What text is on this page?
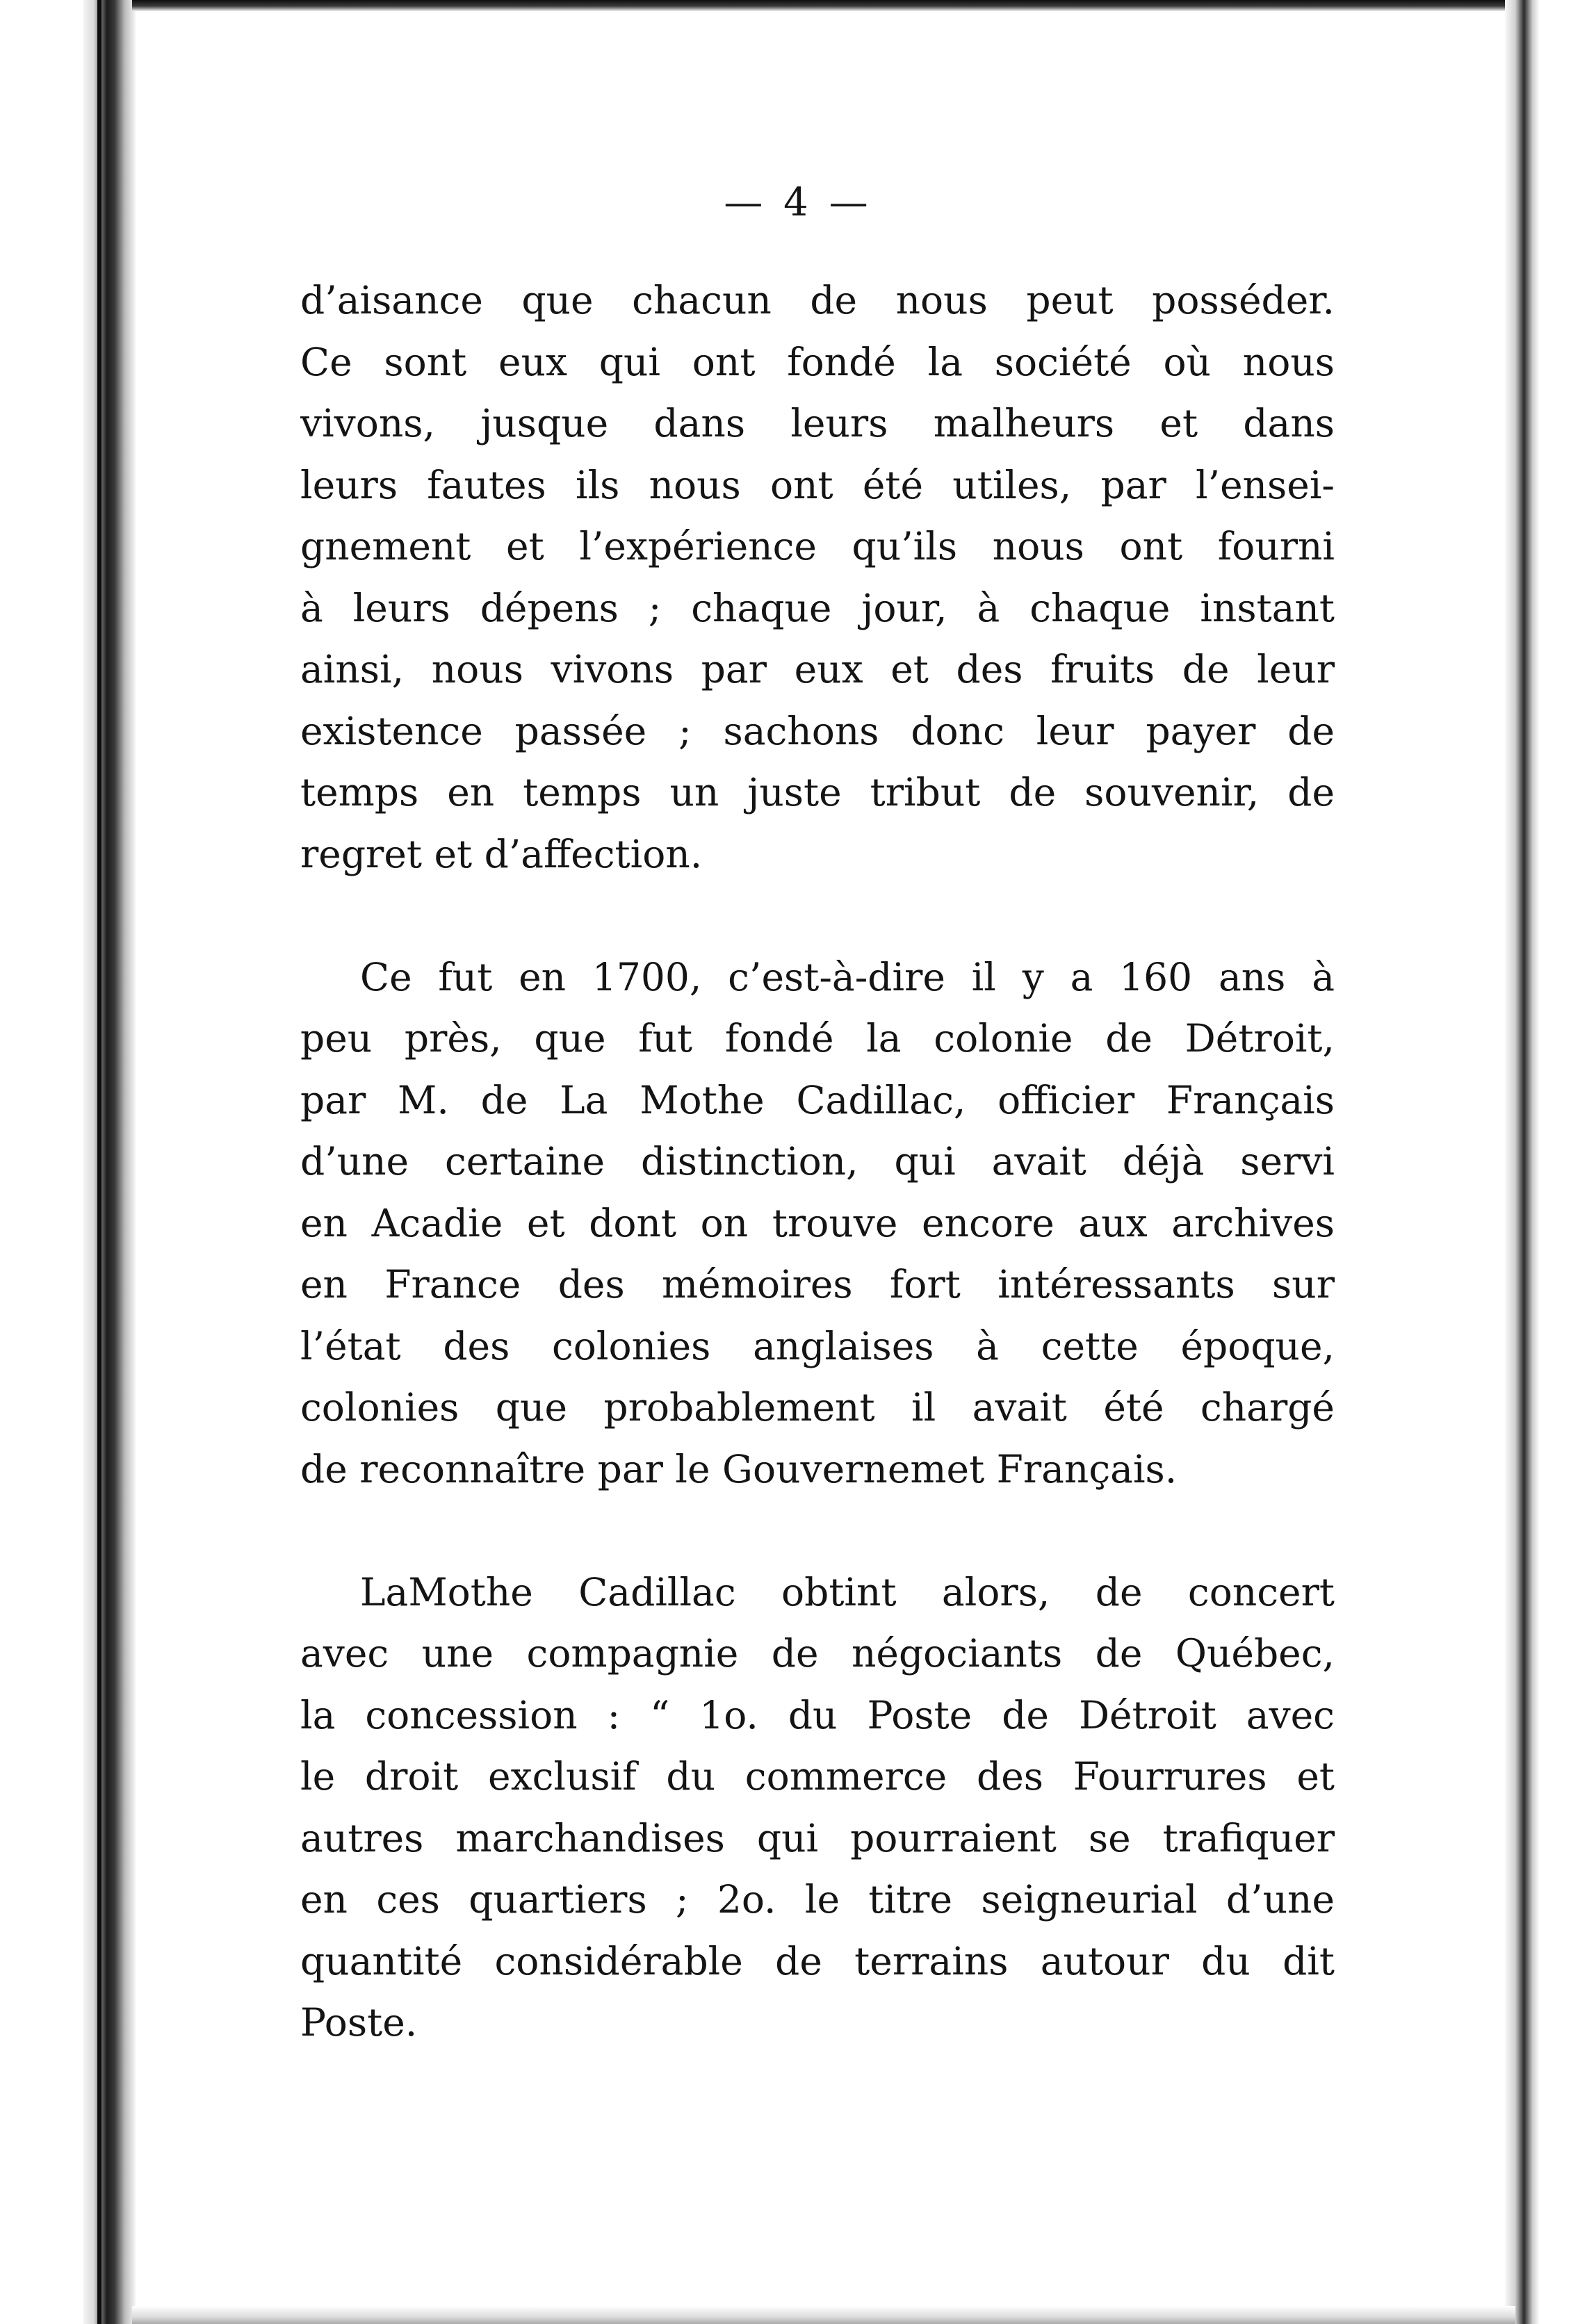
— 4 —
d’aisance que chacun de nous peut posséder.
Ce sont eux qui ont fondé la société où nous
vivons, jusque dans leurs malheurs et dans
leurs fautes ils nous ont été utiles, par l’ensei-
gnement et l’expérience qu’ils nous ont fourni
à leurs dépens ; chaque jour, à chaque instant
ainsi, nous vivons par eux et des fruits de leur
existence passée ; sachons donc leur payer de
temps en temps un juste tribut de souvenir, de
regret et d’affection.
Ce fut en 1700, c’est-à-dire il y a 160 ans à
peu près, que fut fondé la colonie de Détroit,
par M. de La Mothe Cadillac, officier Français
d’une certaine distinction, qui avait déjà servi
en Acadie et dont on trouve encore aux archives
en France des mémoires fort intéressants sur
l’état des colonies anglaises à cette époque,
colonies que probablement il avait été chargé
de reconnaître par le Gouvernemet Français.
LaMothe Cadillac obtint alors, de concert
avec une compagnie de négociants de Québec,
la concession : “ 1o. du Poste de Détroit avec
le droit exclusif du commerce des Fourrures et
autres marchandises qui pourraient se trafiquer
en ces quartiers ; 2o. le titre seigneurial d’une
quantité considérable de terrains autour du dit
Poste.
